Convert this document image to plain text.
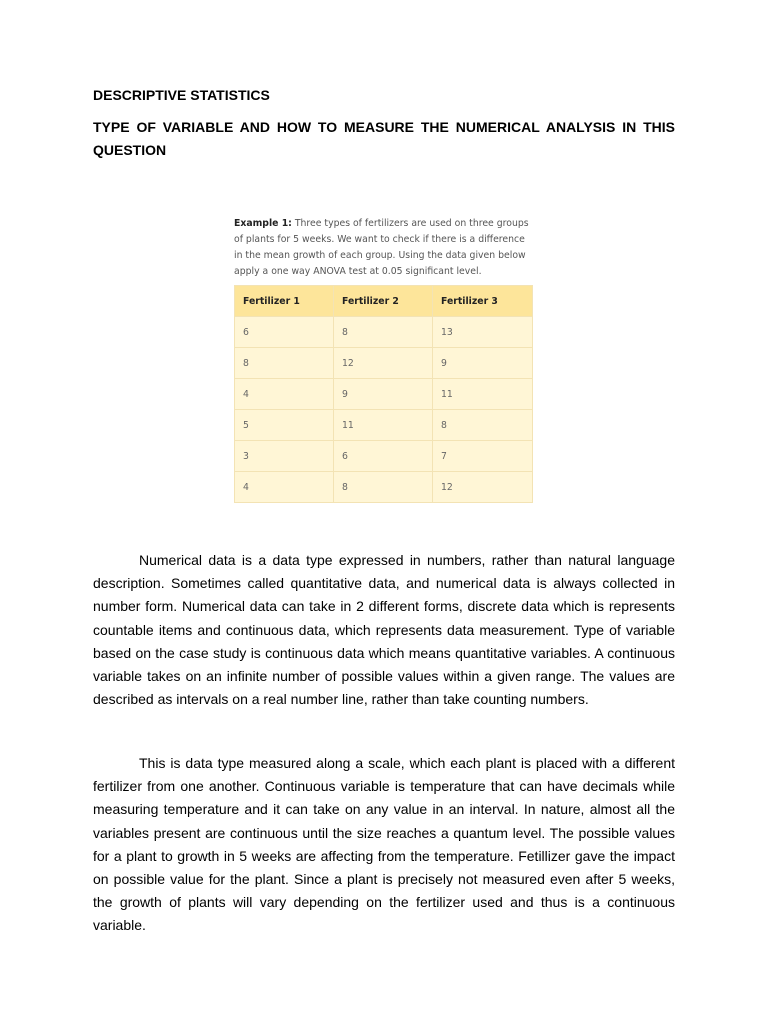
DESCRIPTIVE STATISTICS

TYPE OF VARIABLE AND HOW TO MEASURE THE NUMERICAL ANALYSIS IN THIS QUESTION

Example 1: Three types of fertilizers are used on three groups of plants for 5 weeks. We want to check if there is a difference in the mean growth of each group. Using the data given below apply a one way ANOVA test at 0.05 significant level.

Fertilizer 1	Fertilizer 2	Fertilizer 3
6	8	13
8	12	9
4	9	11
5	11	8
3	6	7
4	8	12

Numerical data is a data type expressed in numbers, rather than natural language description. Sometimes called quantitative data, and numerical data is always collected in number form. Numerical data can take in 2 different forms, discrete data which is represents countable items and continuous data, which represents data measurement. Type of variable based on the case study is continuous data which means quantitative variables. A continuous variable takes on an infinite number of possible values within a given range. The values are described as intervals on a real number line, rather than take counting numbers.

This is data type measured along a scale, which each plant is placed with a different fertilizer from one another. Continuous variable is temperature that can have decimals while measuring temperature and it can take on any value in an interval. In nature, almost all the variables present are continuous until the size reaches a quantum level. The possible values for a plant to growth in 5 weeks are affecting from the temperature. Fetillizer gave the impact on possible value for the plant. Since a plant is precisely not measured even after 5 weeks, the growth of plants will vary depending on the fertilizer used and thus is a continuous variable.
